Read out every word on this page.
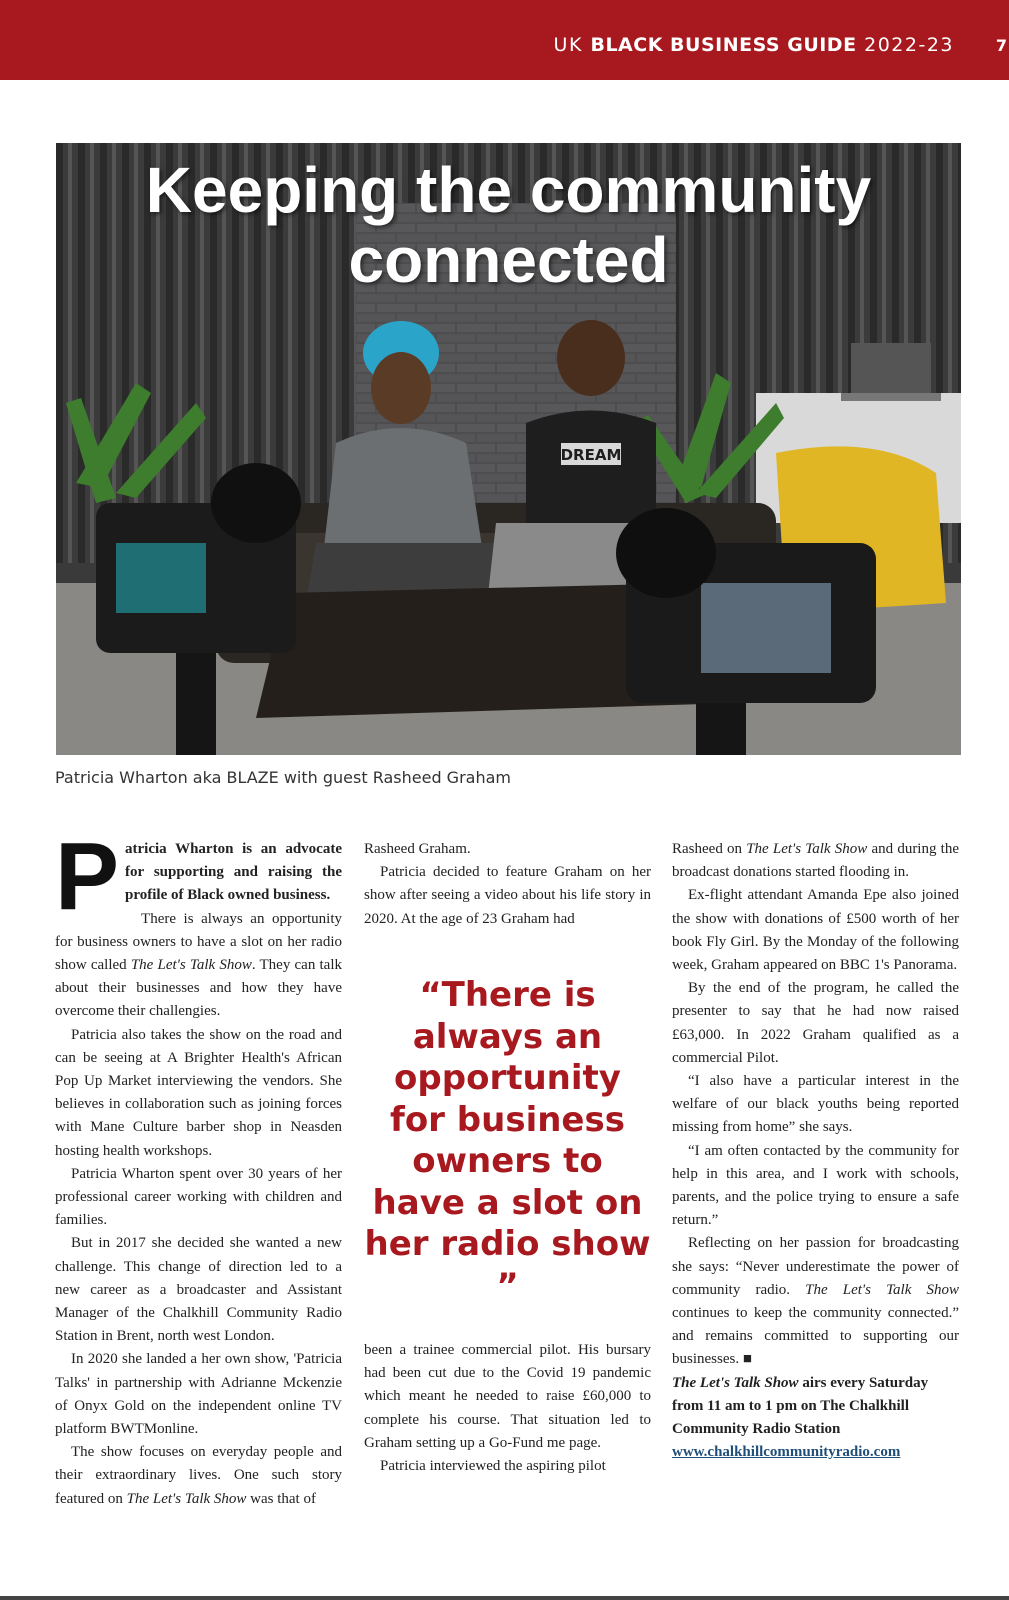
UK BLACK BUSINESS GUIDE 2022-23	7
DREAM
Keeping the community
connected
Patricia Wharton aka BLAZE with guest Rasheed Graham
P atricia Wharton is an advocate for supporting and raising the profile of Black owned business.

There is always an opportunity for business owners to have a slot on her radio show called The Let's Talk Show. They can talk about their businesses and how they have overcome their challengies.

Patricia also takes the show on the road and can be seeing at A Brighter Health's African Pop Up Market interviewing the vendors. She believes in collaboration such as joining forces with Mane Culture barber shop in Neasden hosting health workshops.

Patricia Wharton spent over 30 years of her professional career working with children and families.

But in 2017 she decided she wanted a new challenge. This change of direction led to a new career as a broadcaster and Assistant Manager of the Chalkhill Community Radio Station in Brent, north west London.

In 2020 she landed a her own show, 'Patricia Talks' in partnership with Adrianne Mckenzie of Onyx Gold on the independent online TV platform BWTMonline.

The show focuses on everyday people and their extraordinary lives. One such story featured on The Let's Talk Show was that of

Rasheed Graham.

Patricia decided to feature Graham on her show after seeing a video about his life story in 2020. At the age of 23 Graham had

“There is always an opportunity for business owners to have a slot on her radio show ”

been a trainee commercial pilot. His bursary had been cut due to the Covid 19 pandemic which meant he needed to raise £60,000 to complete his course. That situation led to Graham setting up a Go-Fund me page.

Patricia interviewed the aspiring pilot

Rasheed on The Let's Talk Show and during the broadcast donations started flooding in.

Ex-flight attendant Amanda Epe also joined the show with donations of £500 worth of her book Fly Girl. By the Monday of the following week, Graham appeared on BBC 1's Panorama.

By the end of the program, he called the presenter to say that he had now raised £63,000. In 2022 Graham qualified as a commercial Pilot.

“I also have a particular interest in the welfare of our black youths being reported missing from home” she says.

“I am often contacted by the community for help in this area, and I work with schools, parents, and the police trying to ensure a safe return.”

Reflecting on her passion for broadcasting she says: “Never underestimate the power of community radio. The Let's Talk Show continues to keep the community connected.” and remains committed to supporting our businesses. ■

The Let's Talk Show airs every Saturday from 11 am to 1 pm on The Chalkhill Community Radio Station

www.chalkhillcommunityradio.com
